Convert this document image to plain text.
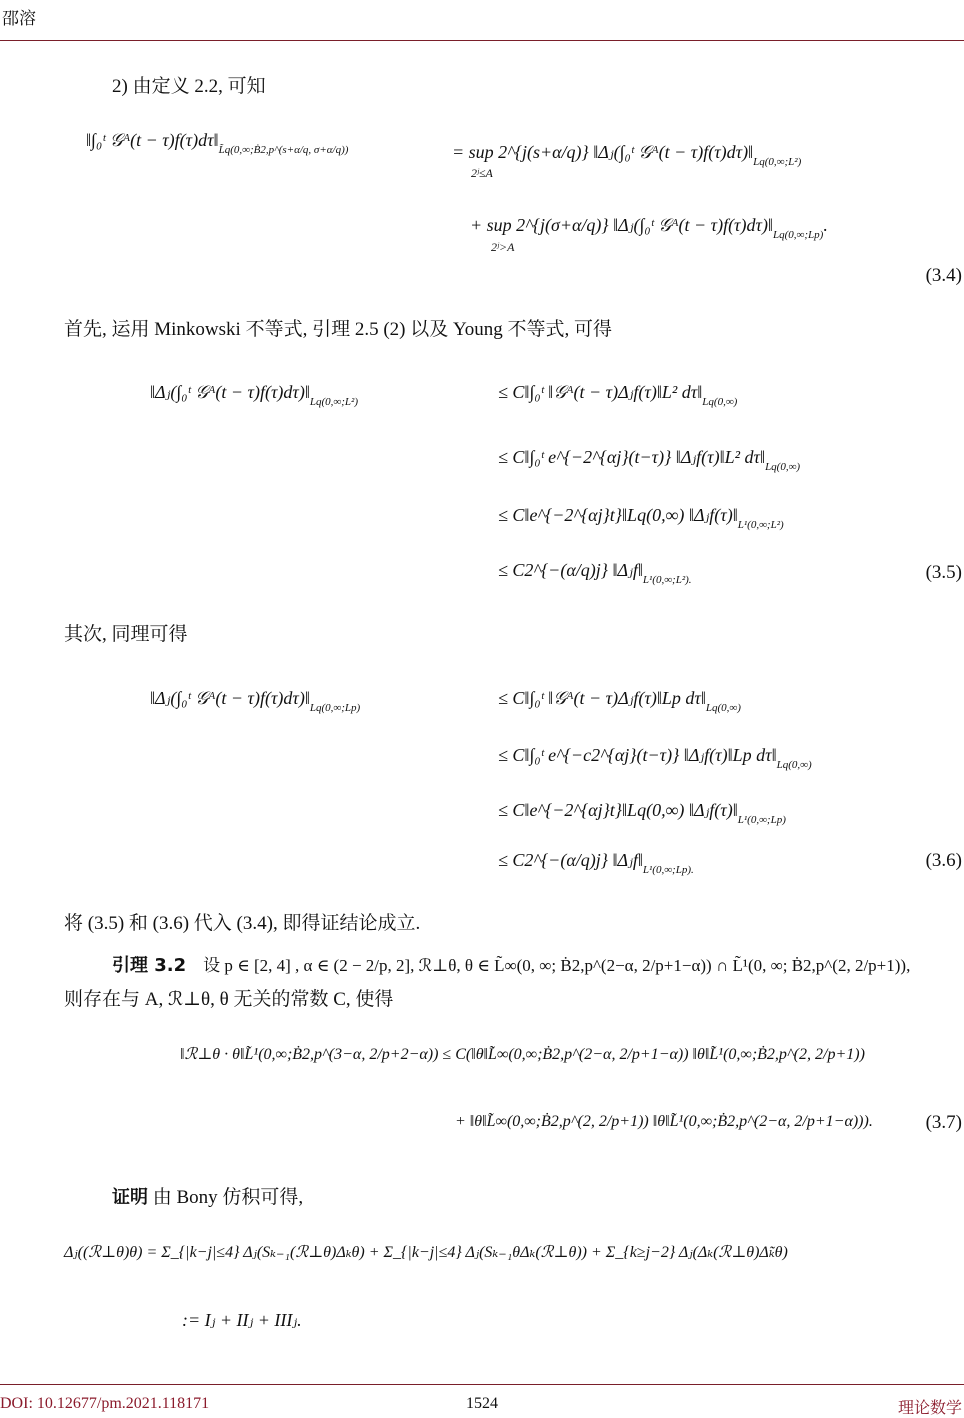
邵溶
2) 由定义 2.2, 可知
‖∫₀ᵗ 𝒢ᴬ(t − $\tau)f(\tau)d\tau‖_{L̃q(0,\infty;Ḃ2,p\^{}(s+\alpha/q, \sigma+\alpha/q))}$	= sup 2^{j(s+α/q)} ‖Δⱼ(∫₀ᵗ 𝒢ᴬ(t − $\tau)f(\tau)d\tau)‖_{Lq(0,\infty;L^2)}$
2ʲ≤A
+ sup 2^{j(σ+α/q)} ‖Δⱼ(∫₀ᵗ 𝒢ᴬ(t − $\tau)f(\tau)d\tau)‖_{Lq(0,\infty;Lp)}$.
2ʲ>A
(3.4)
首先, 运用 Minkowski 不等式, 引理 2.5 (2) 以及 Young 不等式, 可得
‖Δⱼ(∫₀ᵗ 𝒢ᴬ(t − $\tau)f(\tau)d\tau)‖_{Lq(0,\infty;L^2)}$	≤ C‖∫₀ᵗ ‖𝒢ᴬ(t − τ)Δⱼf(τ)‖L² $d\tau‖_{Lq(0,\infty)}$
≤ C‖∫₀ᵗ e^{−2^{αj}(t−τ)} ‖Δⱼf(τ)‖L² $d\tau‖_{Lq(0,\infty)}$
≤ C‖e^{−2^{αj}t}‖Lq(0,∞) $‖\Delta ⱼf(\tau)‖_{L^1(0,\infty;L^2)}$
≤ C2^{−(α/q)j} $‖\Delta ⱼf‖_{L^1(0,\infty;L^2).}$	(3.5)
其次, 同理可得
‖Δⱼ(∫₀ᵗ 𝒢ᴬ(t − $\tau)f(\tau)d\tau)‖_{Lq(0,\infty;Lp)}$	≤ C‖∫₀ᵗ ‖𝒢ᴬ(t − τ)Δⱼf(τ)‖Lp $d\tau‖_{Lq(0,\infty)}$
≤ C‖∫₀ᵗ e^{−c2^{αj}(t−τ)} ‖Δⱼf(τ)‖Lp $d\tau‖_{Lq(0,\infty)}$
≤ C‖e^{−2^{αj}t}‖Lq(0,∞) $‖\Delta ⱼf(\tau)‖_{L^1(0,\infty;Lp)}$
≤ C2^{−(α/q)j} $‖\Delta ⱼf‖_{L^1(0,\infty;Lp).}$	(3.6)
将 (3.5) 和 (3.6) 代入 (3.4), 即得证结论成立.
引理 3.2 设 p ∈ [2, 4] , α ∈ (2 − 2/p, 2], ℛ⊥θ, θ ∈ L̃∞(0, ∞; Ḃ2,p^(2−α, 2/p+1−α)) ∩ L̃¹(0, ∞; Ḃ2,p^(2, 2/p+1)),
则存在与 A, ℛ⊥θ, θ 无关的常数 C, 使得
‖ℛ⊥θ · θ‖L̃¹(0,∞;Ḃ2,p^(3−α, 2/p+2−α)) ≤ C(‖θ‖L̃∞(0,∞;Ḃ2,p^(2−α, 2/p+1−α)) ‖θ‖L̃¹(0,∞;Ḃ2,p^(2, 2/p+1))
+ ‖θ‖L̃∞(0,∞;Ḃ2,p^(2, 2/p+1)) ‖θ‖L̃¹(0,∞;Ḃ2,p^(2−α, 2/p+1−α))).	(3.7)
证明 由 Bony 仿积可得,
Δⱼ((ℛ⊥θ)θ) = Σ_{|k−j|≤4} Δⱼ(Sₖ₋₁(ℛ⊥θ)Δₖθ) + Σ_{|k−j|≤4} Δⱼ(Sₖ₋₁θΔₖ(ℛ⊥θ)) + Σ_{k≥j−2} Δⱼ(Δₖ(ℛ⊥θ)Δ̃ₖθ)
:= Iⱼ + IIⱼ + IIIⱼ.
DOI: 10.12677/pm.2021.118171	1524	理论数学
